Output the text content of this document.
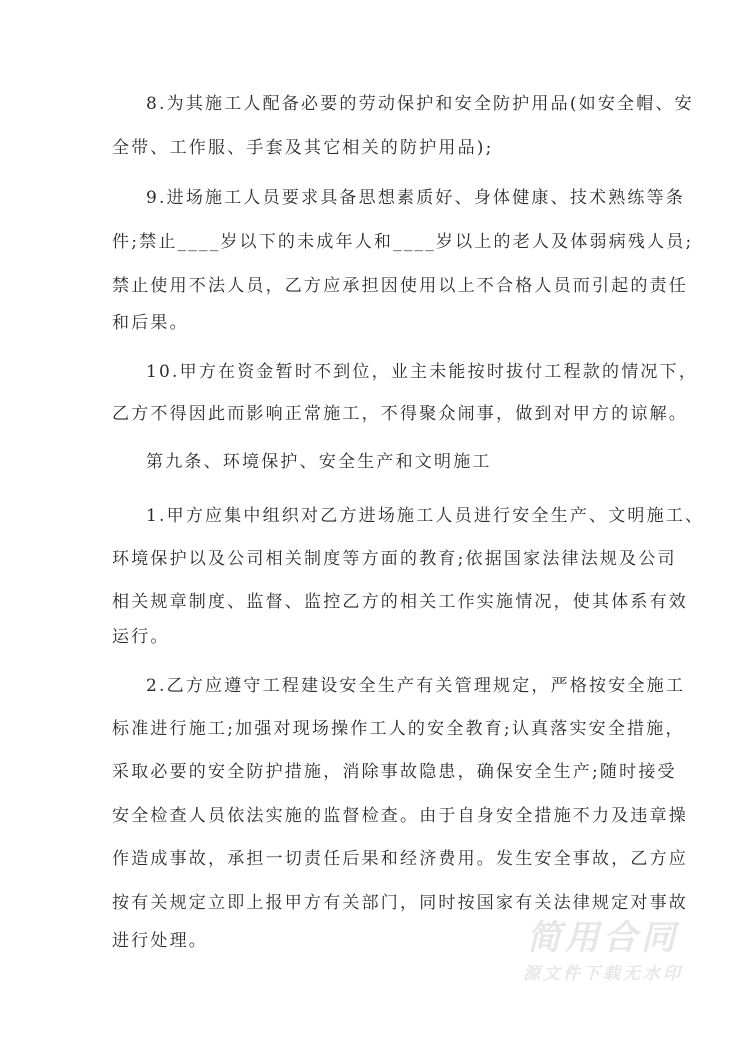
8.为其施工人配备必要的劳动保护和安全防护用品(如安全帽、安
全带、工作服、手套及其它相关的防护用品);
9.进场施工人员要求具备思想素质好、身体健康、技术熟练等条
件;禁止____岁以下的未成年人和____岁以上的老人及体弱病残人员;
禁止使用不法人员，乙方应承担因使用以上不合格人员而引起的责任
和后果。
10.甲方在资金暂时不到位，业主未能按时拔付工程款的情况下，
乙方不得因此而影响正常施工，不得聚众闹事，做到对甲方的谅解。
第九条、环境保护、安全生产和文明施工
1.甲方应集中组织对乙方进场施工人员进行安全生产、文明施工、
环境保护以及公司相关制度等方面的教育;依据国家法律法规及公司
相关规章制度、监督、监控乙方的相关工作实施情况，使其体系有效
运行。
2.乙方应遵守工程建设安全生产有关管理规定，严格按安全施工
标准进行施工;加强对现场操作工人的安全教育;认真落实安全措施，
采取必要的安全防护措施，消除事故隐患，确保安全生产;随时接受
安全检查人员依法实施的监督检查。由于自身安全措施不力及违章操
作造成事故，承担一切责任后果和经济费用。发生安全事故，乙方应
按有关规定立即上报甲方有关部门，同时按国家有关法律规定对事故
进行处理。	简用合同
源文件下载无水印
